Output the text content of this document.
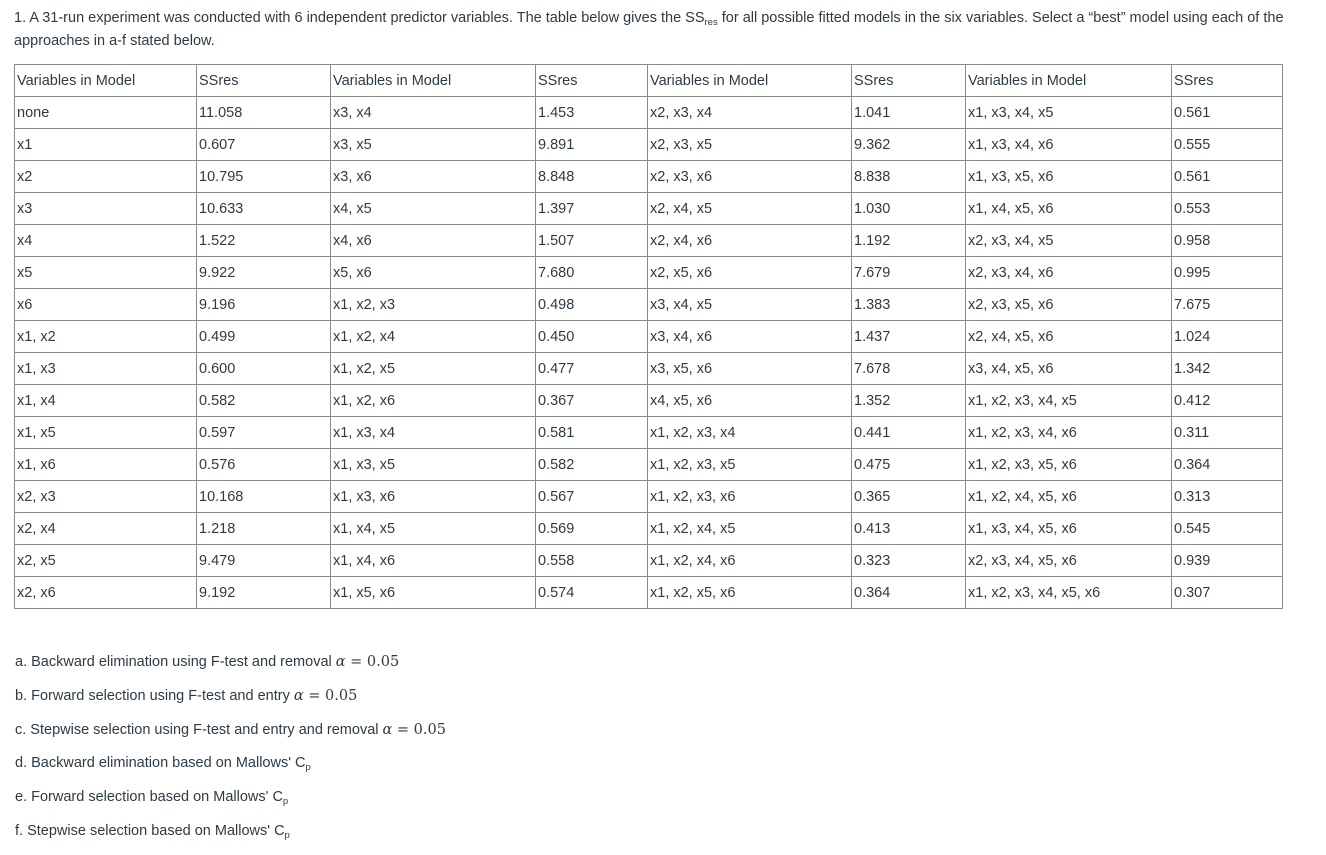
1. A 31-run experiment was conducted with 6 independent predictor variables. The table below gives the $SS_{res}$ for all possible fitted models in the six variables. Select a “best” model using each of the approaches in a-f stated below.
Variables in Model	SSres	Variables in Model	SSres	Variables in Model	SSres	Variables in Model	SSres
none	11.058	x3, x4	1.453	x2, x3, x4	1.041	x1, x3, x4, x5	0.561
x1	0.607	x3, x5	9.891	x2, x3, x5	9.362	x1, x3, x4, x6	0.555
x2	10.795	x3, x6	8.848	x2, x3, x6	8.838	x1, x3, x5, x6	0.561
x3	10.633	x4, x5	1.397	x2, x4, x5	1.030	x1, x4, x5, x6	0.553
x4	1.522	x4, x6	1.507	x2, x4, x6	1.192	x2, x3, x4, x5	0.958
x5	9.922	x5, x6	7.680	x2, x5, x6	7.679	x2, x3, x4, x6	0.995
x6	9.196	x1, x2, x3	0.498	x3, x4, x5	1.383	x2, x3, x5, x6	7.675
x1, x2	0.499	x1, x2, x4	0.450	x3, x4, x6	1.437	x2, x4, x5, x6	1.024
x1, x3	0.600	x1, x2, x5	0.477	x3, x5, x6	7.678	x3, x4, x5, x6	1.342
x1, x4	0.582	x1, x2, x6	0.367	x4, x5, x6	1.352	x1, x2, x3, x4, x5	0.412
x1, x5	0.597	x1, x3, x4	0.581	x1, x2, x3, x4	0.441	x1, x2, x3, x4, x6	0.311
x1, x6	0.576	x1, x3, x5	0.582	x1, x2, x3, x5	0.475	x1, x2, x3, x5, x6	0.364
x2, x3	10.168	x1, x3, x6	0.567	x1, x2, x3, x6	0.365	x1, x2, x4, x5, x6	0.313
x2, x4	1.218	x1, x4, x5	0.569	x1, x2, x4, x5	0.413	x1, x3, x4, x5, x6	0.545
x2, x5	9.479	x1, x4, x6	0.558	x1, x2, x4, x6	0.323	x2, x3, x4, x5, x6	0.939
x2, x6	9.192	x1, x5, x6	0.574	x1, x2, x5, x6	0.364	x1, x2, x3, x4, x5, x6	0.307
a. Backward elimination using F-test and removal α = 0.05
b. Forward selection using F-test and entry α = 0.05
c. Stepwise selection using F-test and entry and removal α = 0.05
d. Backward elimination based on Mallows' $C_p$
e. Forward selection based on Mallows' $C_p$
f. Stepwise selection based on Mallows' $C_p$
